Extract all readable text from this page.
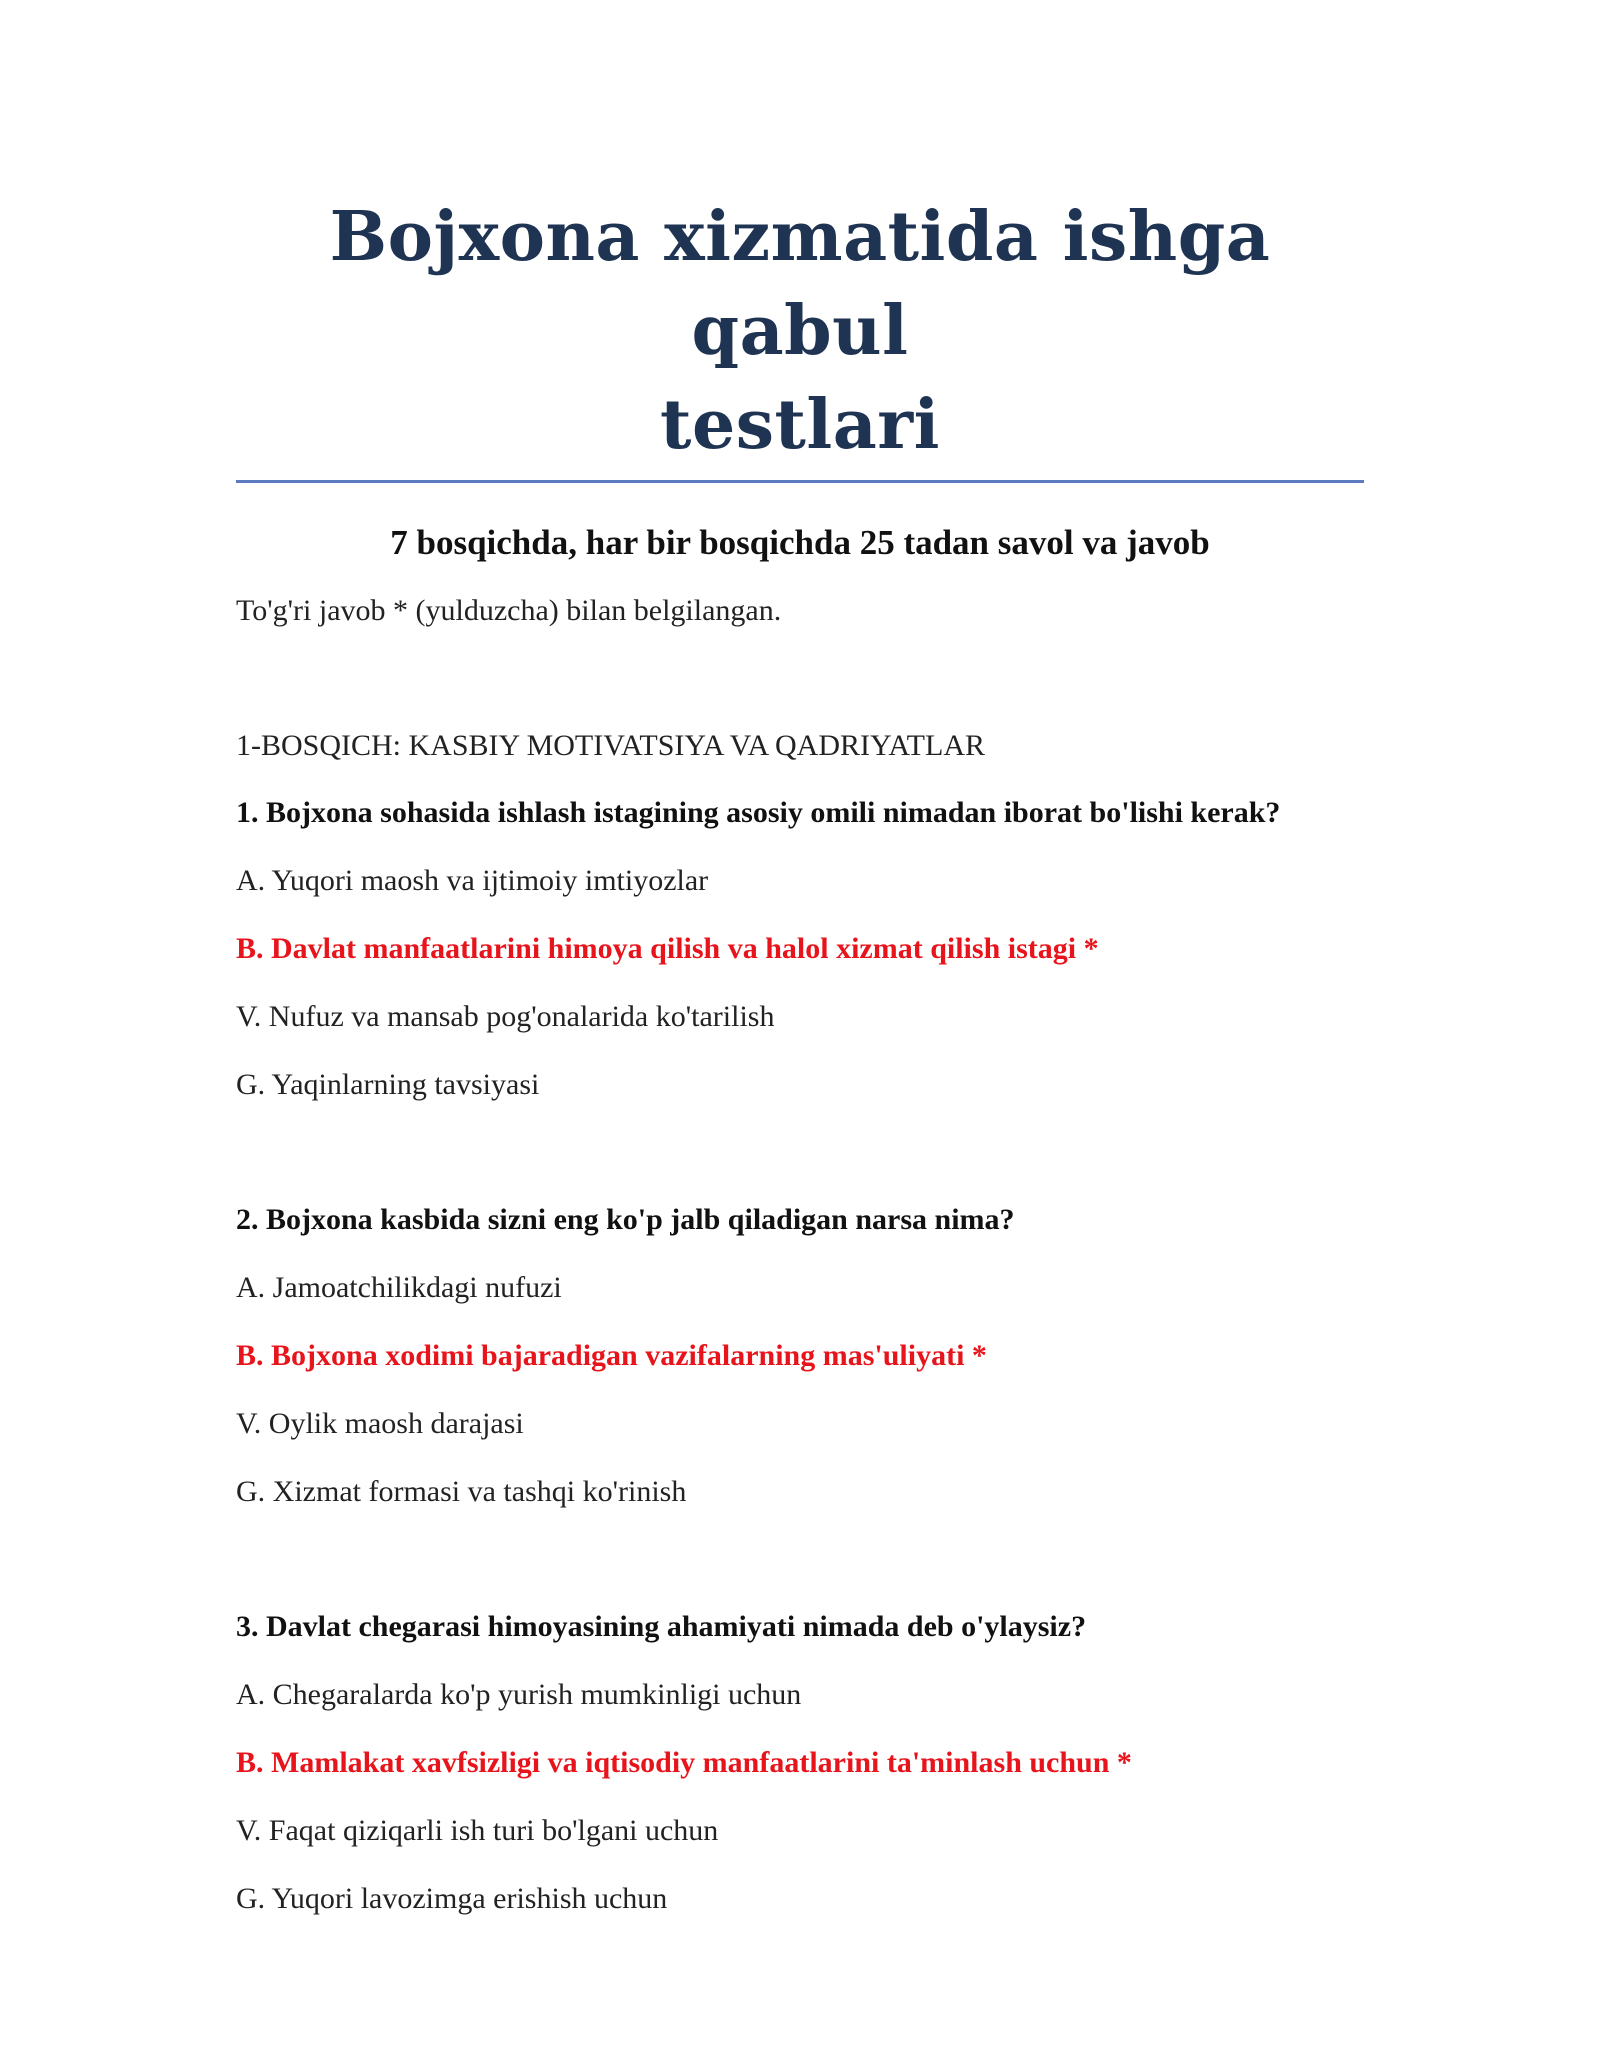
Bojxona xizmatida ishga qabul
testlari
7 bosqichda, har bir bosqichda 25 tadan savol va javob
To'g'ri javob * (yulduzcha) bilan belgilangan.
1-BOSQICH: KASBIY MOTIVATSIYA VA QADRIYATLAR
1. Bojxona sohasida ishlash istagining asosiy omili nimadan iborat bo'lishi kerak?
A. Yuqori maosh va ijtimoiy imtiyozlar
B. Davlat manfaatlarini himoya qilish va halol xizmat qilish istagi *
V. Nufuz va mansab pog'onalarida ko'tarilish
G. Yaqinlarning tavsiyasi
2. Bojxona kasbida sizni eng ko'p jalb qiladigan narsa nima?
A. Jamoatchilikdagi nufuzi
B. Bojxona xodimi bajaradigan vazifalarning mas'uliyati *
V. Oylik maosh darajasi
G. Xizmat formasi va tashqi ko'rinish
3. Davlat chegarasi himoyasining ahamiyati nimada deb o'ylaysiz?
A. Chegaralarda ko'p yurish mumkinligi uchun
B. Mamlakat xavfsizligi va iqtisodiy manfaatlarini ta'minlash uchun *
V. Faqat qiziqarli ish turi bo'lgani uchun
G. Yuqori lavozimga erishish uchun
